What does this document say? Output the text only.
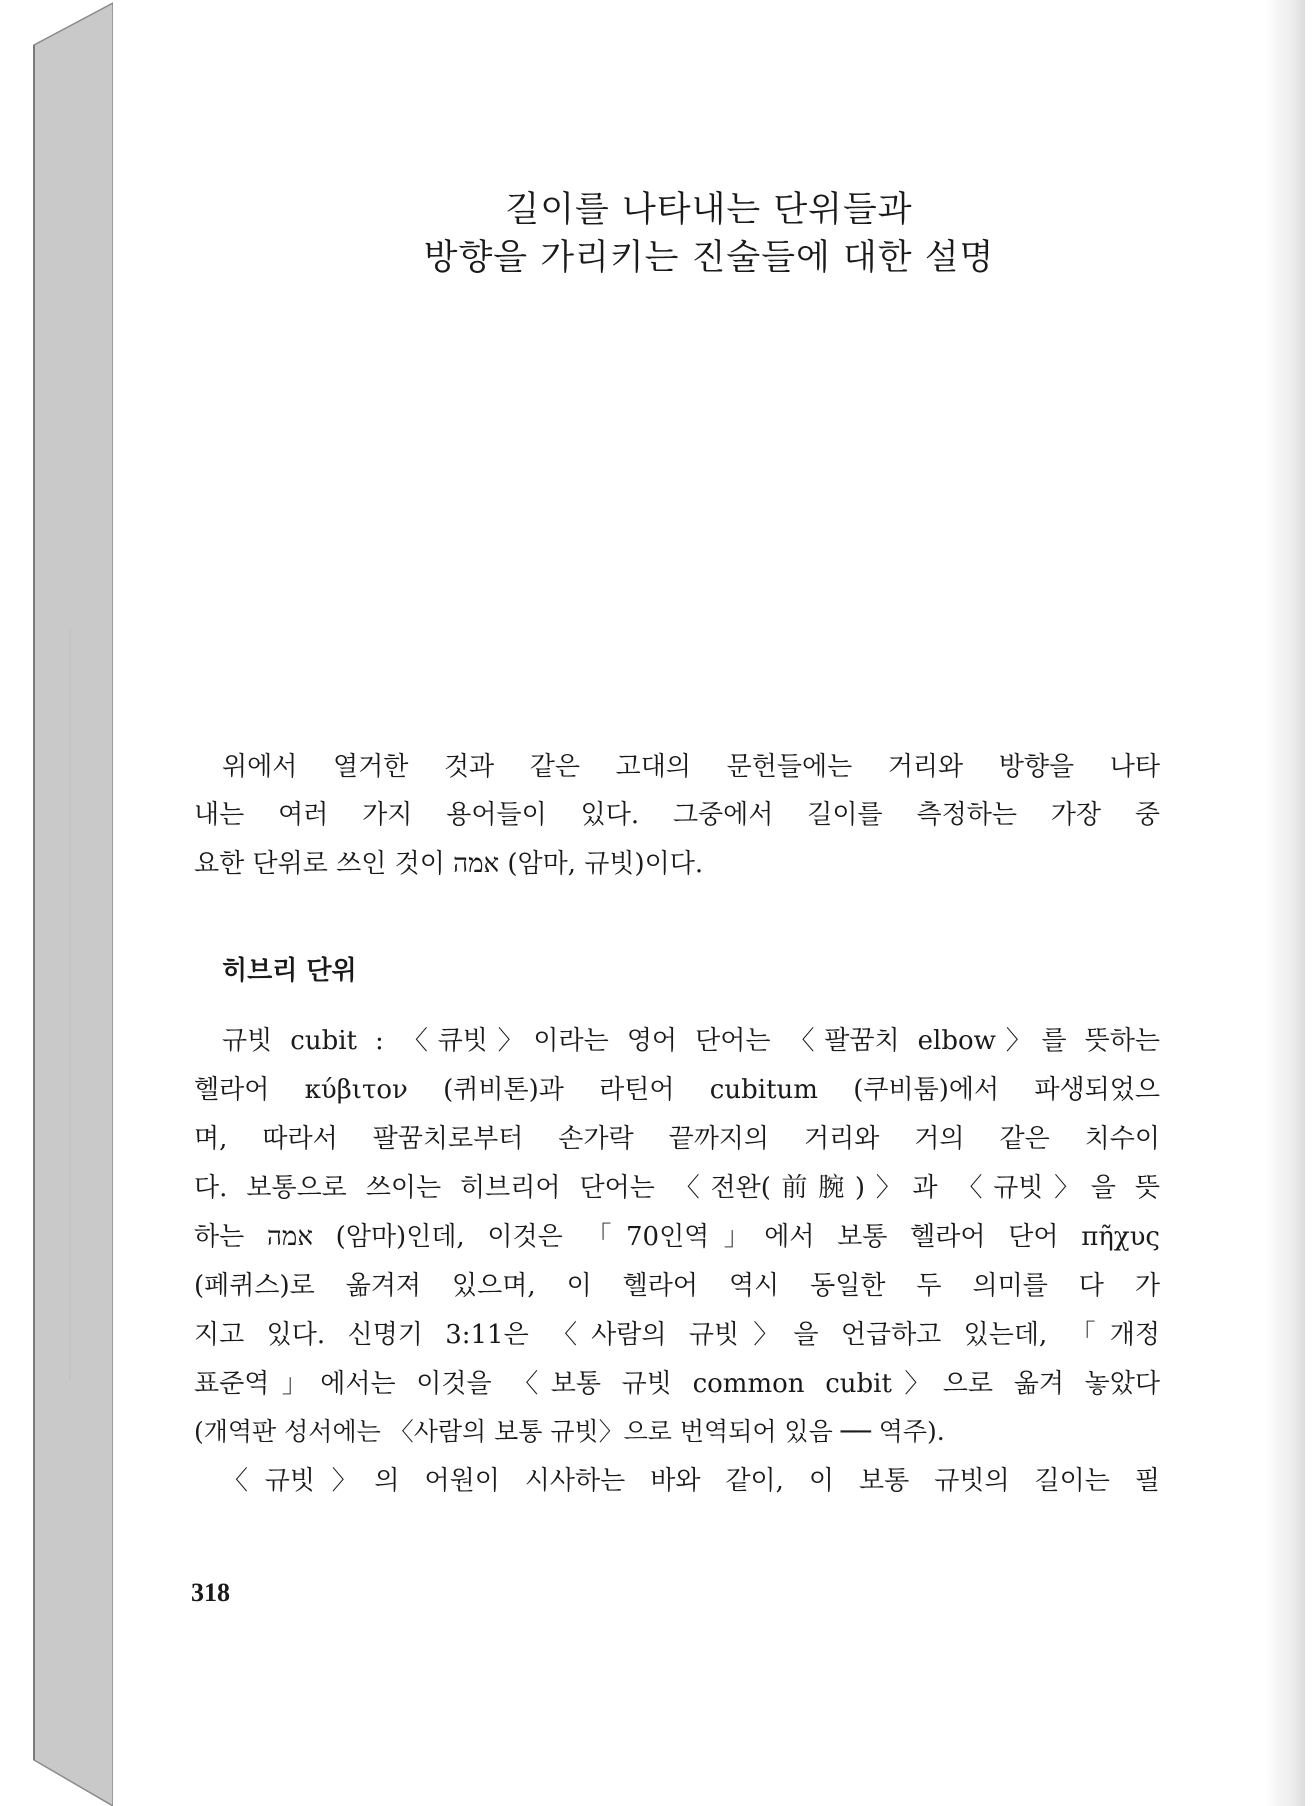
길이를 나타내는 단위들과
방향을 가리키는 진술들에 대한 설명

위에서 열거한 것과 같은 고대의 문헌들에는 거리와 방향을 나타

내는 여러 가지 용어들이 있다. 그중에서 길이를 측정하는 가장 중

요한 단위로 쓰인 것이 אמה (암마, 규빗)이다.

히브리 단위

규빗 cubit : 〈큐빗〉이라는 영어 단어는 〈팔꿈치 elbow〉를 뜻하는

헬라어 κύβιτον (퀴비톤)과 라틴어 cubitum (쿠비툼)에서 파생되었으

며, 따라서 팔꿈치로부터 손가락 끝까지의 거리와 거의 같은 치수이

다. 보통으로 쓰이는 히브리어 단어는 〈전완(前腕)〉과 〈규빗〉을 뜻

하는 אמה (암마)인데, 이것은 「70인역」에서 보통 헬라어 단어 πῆχυς

(페퀴스)로 옮겨져 있으며, 이 헬라어 역시 동일한 두 의미를 다 가

지고 있다. 신명기 3:11은 〈사람의 규빗〉을 언급하고 있는데, 「개정

표준역」에서는 이것을 〈보통 규빗 common cubit〉으로 옮겨 놓았다

(개역판 성서에는 〈사람의 보통 규빗〉으로 번역되어 있음 ── 역주).

〈규빗〉의 어원이 시사하는 바와 같이, 이 보통 규빗의 길이는 필

318
